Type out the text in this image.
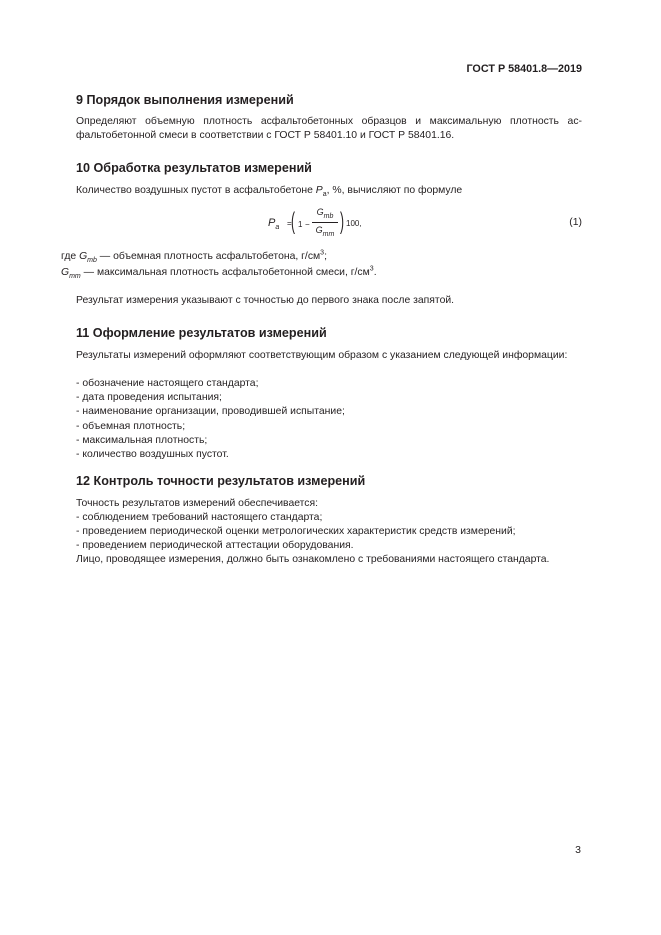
ГОСТ Р 58401.8—2019
9 Порядок выполнения измерений

Определяют объемную плотность асфальтобетонных образцов и максимальную плотность ас-фальтобетонной смеси в соответствии с ГОСТ Р 58401.10 и ГОСТ Р 58401.16.

10 Обработка результатов измерений

Количество воздушных пустот в асфальтобетоне $P_a$, %, вычисляют по формуле

$P_a$ = ( 1 −
$G_{mb}$
$G_{mm}$ ) 100,	(1)
где $G_{mb}$ — объемная плотность асфальтобетона, $г/см^3$;
$G_{mm}$ — максимальная плотность асфальтобетонной смеси, $г/см^3$.

Результат измерения указывают с точностью до первого знака после запятой.

11 Оформление результатов измерений

Результаты измерений оформляют соответствующим образом с указанием следующей информации:

- обозначение настоящего стандарта;
- дата проведения испытания;
- наименование организации, проводившей испытание;
- объемная плотность;
- максимальная плотность;
- количество воздушных пустот.
12 Контроль точности результатов измерений

Точность результатов измерений обеспечивается:

- соблюдением требований настоящего стандарта;
- проведением периодической оценки метрологических характеристик средств измерений;
- проведением периодической аттестации оборудования.

Лицо, проводящее измерения, должно быть ознакомлено с требованиями настоящего стандарта.

3
